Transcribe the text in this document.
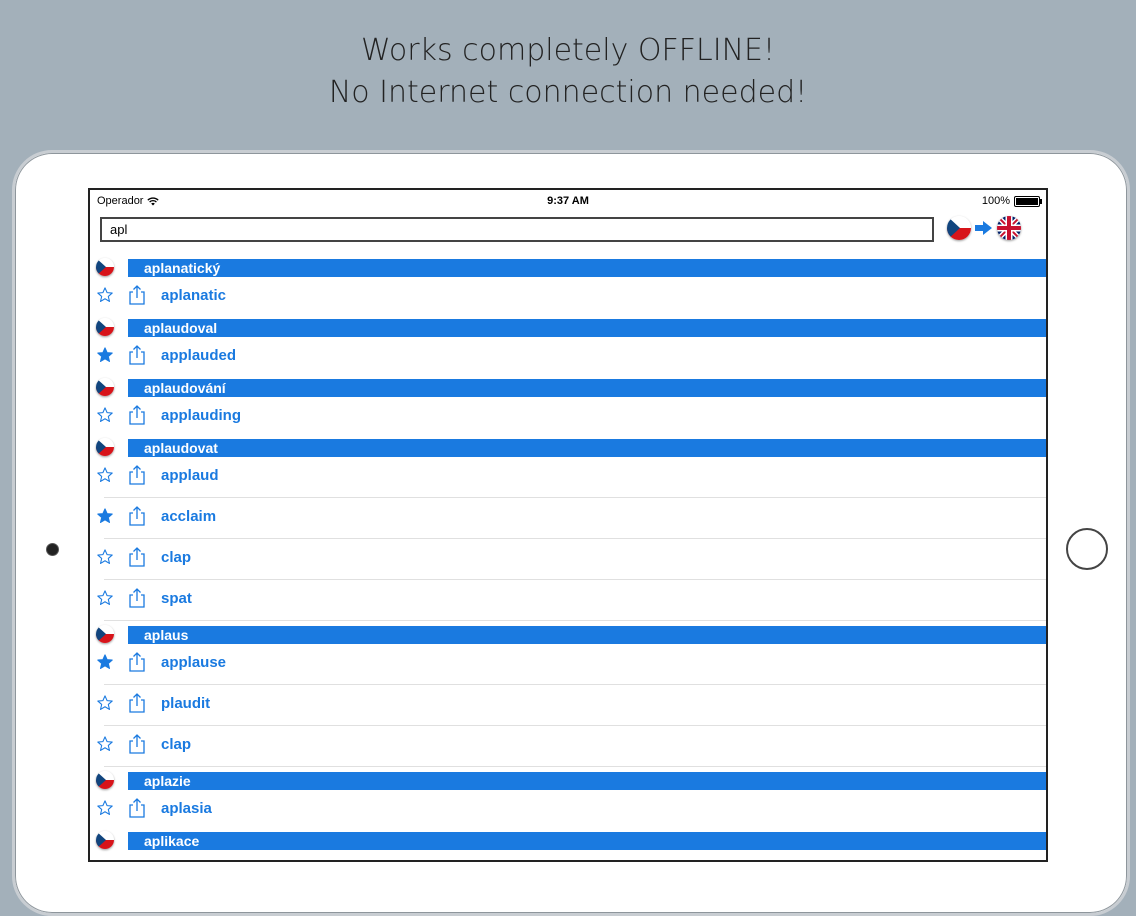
Works completely OFFLINE!
No Internet connection needed!
Operador	9:37 AM	100%
apl
aplanatický
aplanatic
aplaudoval
applauded
aplaudování
applauding
aplaudovat
applaud
acclaim
clap
spat
aplaus
applause
plaudit
clap
aplazie
aplasia
aplikace
